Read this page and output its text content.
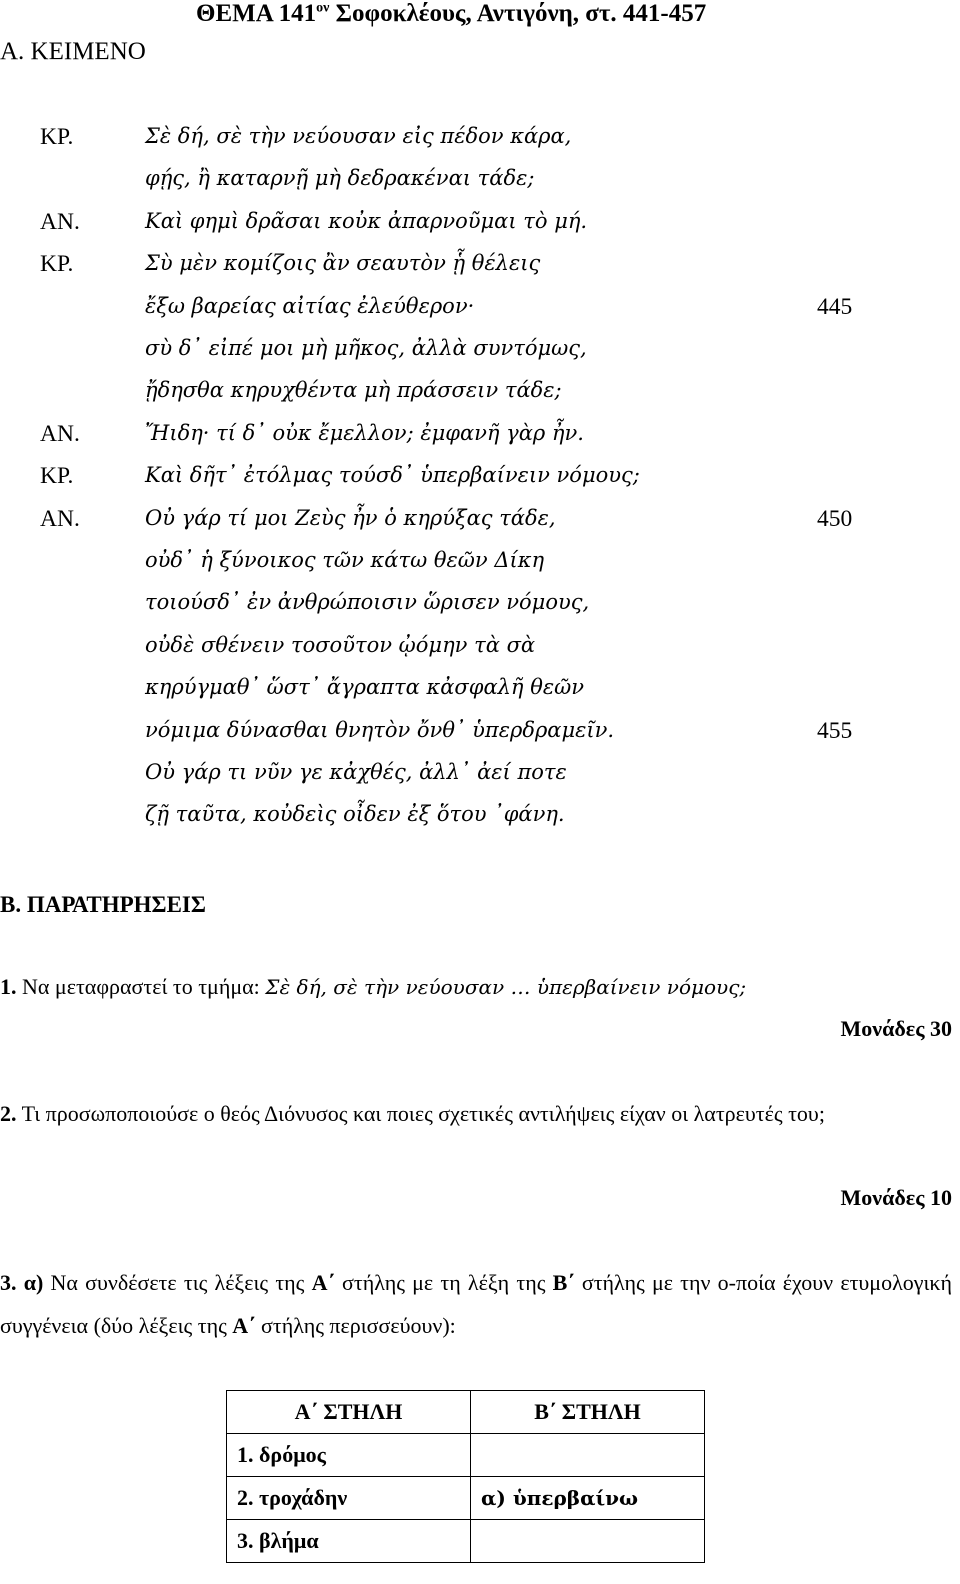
ΘΕΜΑ $141^{o\nu}$ Σοφοκλέους, Αντιγόνη, στ. 441-457
Α. ΚΕΙΜΕΝΟ
ΚΡ.	Σὲ δή, σὲ τὴν νεύουσαν εἰς πέδον κάρα,
φῄς, ἢ καταρνῇ μὴ δεδρακέναι τάδε;
ΑΝ.	Καὶ φημὶ δρᾶσαι κοὐκ ἀπαρνοῦμαι τὸ μή.
ΚΡ.	Σὺ μὲν κομίζοις ἂν σεαυτὸν ᾗ θέλεις
ἔξω βαρείας αἰτίας ἐλεύθερον·	445
σὺ δ᾽ εἰπέ μοι μὴ μῆκος, ἀλλὰ συντόμως,
ᾔδησθα κηρυχθέντα μὴ πράσσειν τάδε;
ΑΝ.	Ἤιδη· τί δ᾽ οὐκ ἔμελλον; ἐμφανῆ γὰρ ἦν.
ΚΡ.	Καὶ δῆτ᾽ ἐτόλμας τούσδ᾽ ὑπερβαίνειν νόμους;
ΑΝ.	Οὐ γάρ τί μοι Ζεὺς ἦν ὁ κηρύξας τάδε,	450
οὐδ᾽ ἡ ξύνοικος τῶν κάτω θεῶν Δίκη
τοιούσδ᾽ ἐν ἀνθρώποισιν ὥρισεν νόμους,
οὐδὲ σθένειν τοσοῦτον ᾠόμην τὰ σὰ
κηρύγμαθ᾽ ὥστ᾽ ἄγραπτα κἀσφαλῆ θεῶν
νόμιμα δύνασθαι θνητὸν ὄνθ᾽ ὑπερδραμεῖν.	455
Οὐ γάρ τι νῦν γε κἀχθές, ἀλλ᾽ ἀεί ποτε
ζῇ ταῦτα, κοὐδεὶς οἶδεν ἐξ ὅτου ᾽φάνη.
Β. ΠΑΡΑΤΗΡΗΣΕΙΣ
1. Να μεταφραστεί το τμήμα: Σὲ δή, σὲ τὴν νεύουσαν … ὑπερβαίνειν νόμους;
Μονάδες 30
2. Τι προσωποποιούσε ο θεός Διόνυσος και ποιες σχετικές αντιλήψεις είχαν οι λατρευτές του;
Μονάδες 10
3. α) Να συνδέσετε τις λέξεις της Α΄ στήλης με τη λέξη της Β΄ στήλης με την ο-ποία έχουν ετυμολογική συγγένεια (δύο λέξεις της Α΄ στήλης περισσεύουν):
Α΄ ΣΤΗΛΗ	Β΄ ΣΤΗΛΗ
1. δρόμος	
2. τροχάδην	α) ὑπερβαίνω
3. βλήμα	
